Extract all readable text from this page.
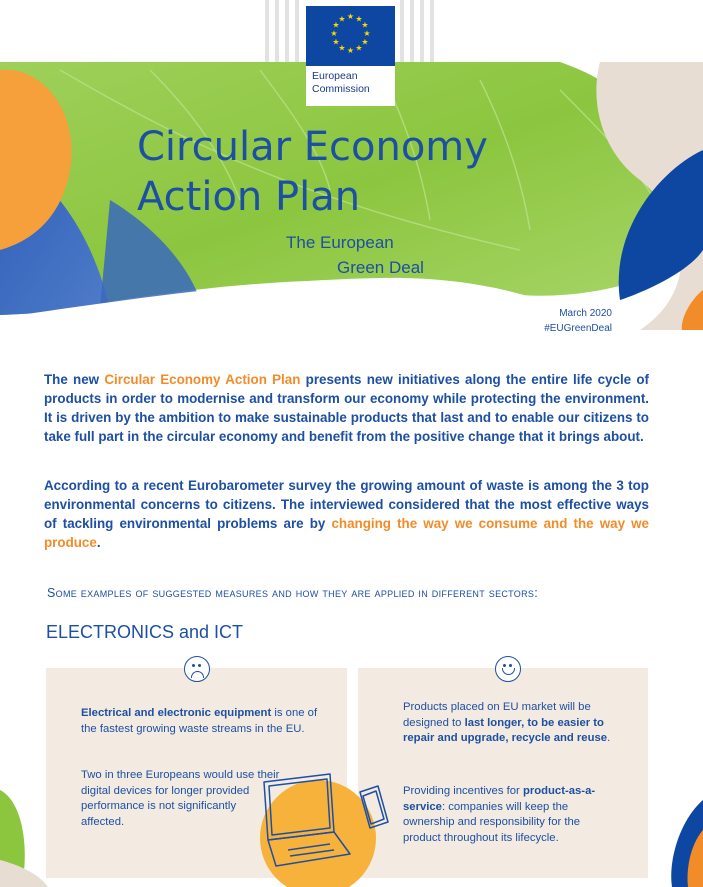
★ ★
★
★
★
★
★
★
★
★
★
★
European
Commission
Circular Economy
Action Plan
The European
Green Deal
March 2020
#EUGreenDeal
The new Circular Economy Action Plan presents new initiatives along the entire life cycle of products in order to modernise and transform our economy while protecting the environment. It is driven by the ambition to make sustainable products that last and to enable our citizens to take full part in the circular economy and benefit from the positive change that it brings about.
According to a recent Eurobarometer survey the growing amount of waste is among the 3 top environmental concerns to citizens. The interviewed considered that the most effective ways of tackling environmental problems are by changing the way we consume and the way we produce.
Some examples of suggested measures and how they are applied in different sectors:
ELECTRONICS and ICT
Electrical and electronic equipment is one of the fastest growing waste streams in the EU.
Two in three Europeans would use their digital devices for longer provided performance is not significantly affected.
Products placed on EU market will be designed to last longer, to be easier to repair and upgrade, recycle and reuse.
Providing incentives for product-as-a-service: companies will keep the ownership and responsibility for the product throughout its lifecycle.
